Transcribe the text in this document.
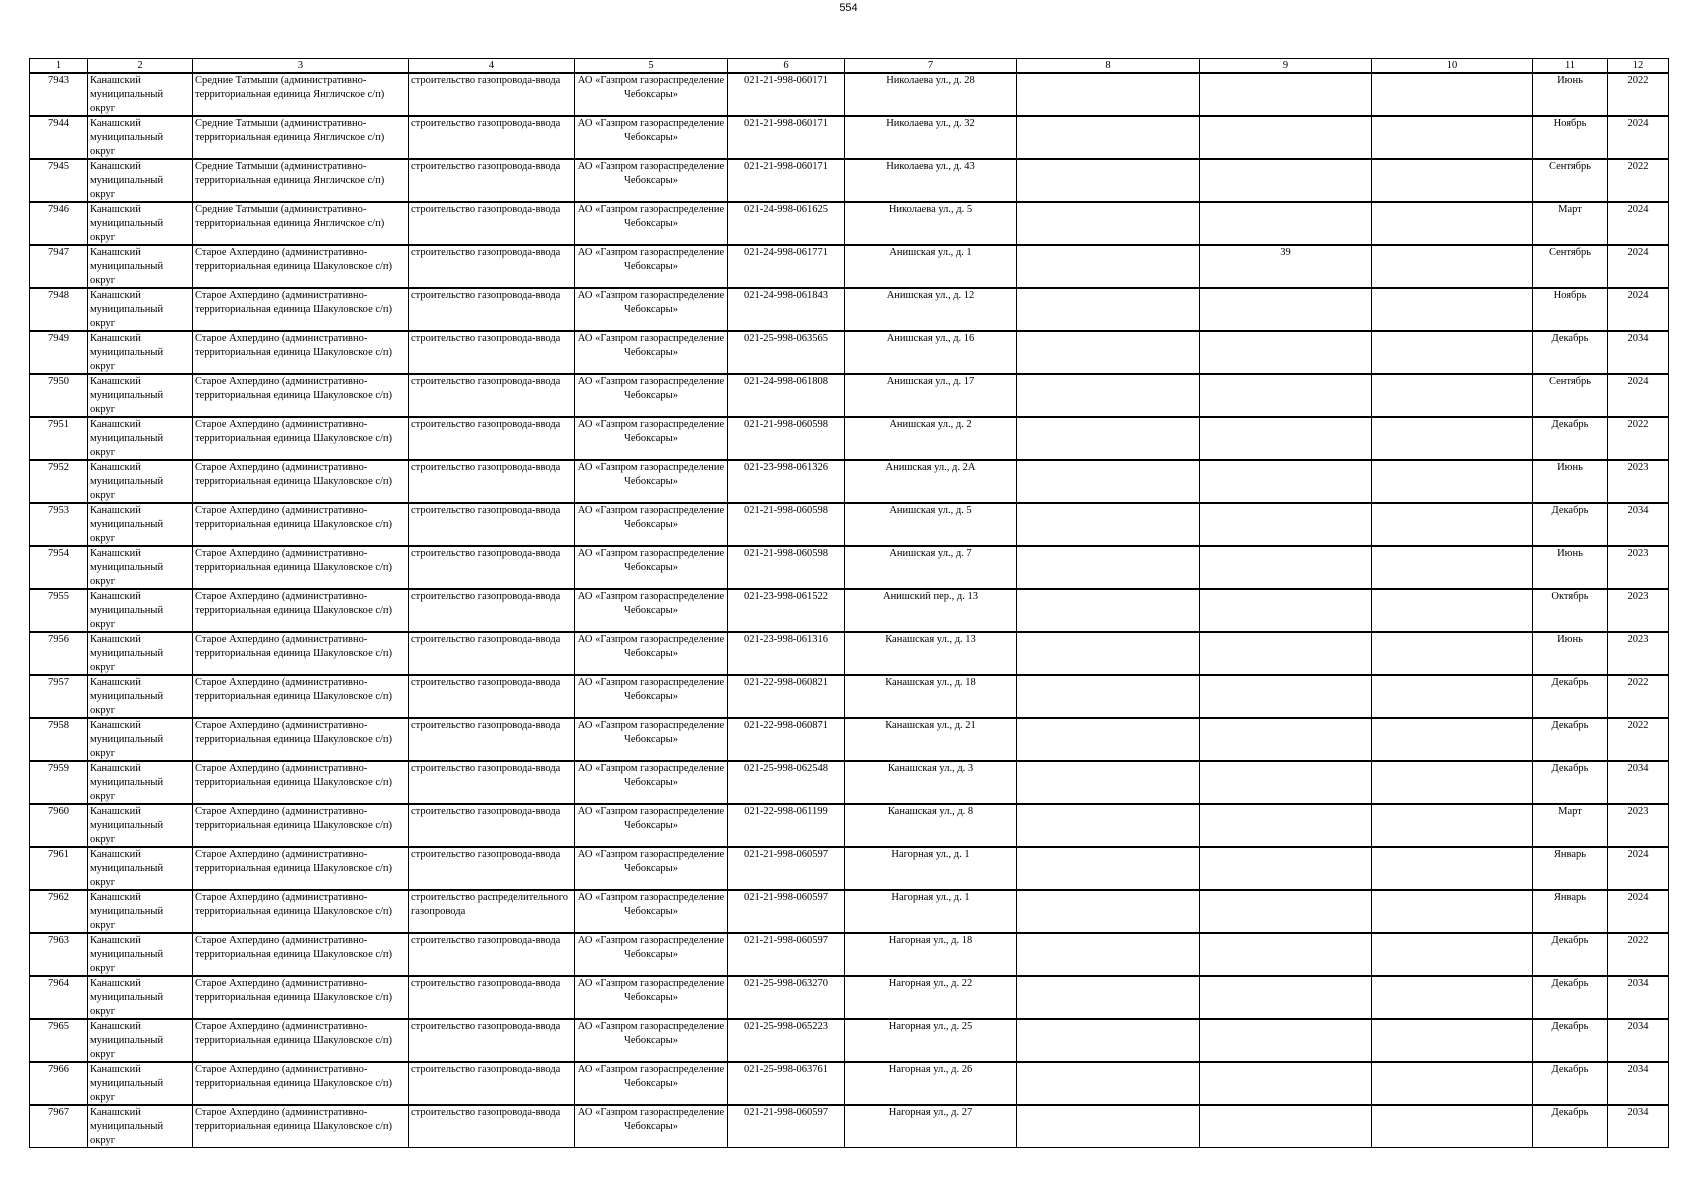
554
1	2	3	4	5	6	7	8	9	10	11	12

7943	Канашский муниципальный округ	Средние Татмыши (административно-территориальная единица Янгличское с/п)	строительство газопровода-ввода	АО «Газпром газораспределение Чебоксары»	021-21-998-060171	Николаева ул., д. 28				Июнь	2022

7944	Канашский муниципальный округ	Средние Татмыши (административно-территориальная единица Янгличское с/п)	строительство газопровода-ввода	АО «Газпром газораспределение Чебоксары»	021-21-998-060171	Николаева ул., д. 32				Ноябрь	2024

7945	Канашский муниципальный округ	Средние Татмыши (административно-территориальная единица Янгличское с/п)	строительство газопровода-ввода	АО «Газпром газораспределение Чебоксары»	021-21-998-060171	Николаева ул., д. 43				Сентябрь	2022

7946	Канашский муниципальный округ	Средние Татмыши (административно-территориальная единица Янгличское с/п)	строительство газопровода-ввода	АО «Газпром газораспределение Чебоксары»	021-24-998-061625	Николаева ул., д. 5				Март	2024

7947	Канашский муниципальный округ	Старое Ахпердино (административно-территориальная единица Шакуловское с/п)	строительство газопровода-ввода	АО «Газпром газораспределение Чебоксары»	021-24-998-061771	Анишская ул., д. 1		39		Сентябрь	2024

7948	Канашский муниципальный округ	Старое Ахпердино (административно-территориальная единица Шакуловское с/п)	строительство газопровода-ввода	АО «Газпром газораспределение Чебоксары»	021-24-998-061843	Анишская ул., д. 12				Ноябрь	2024

7949	Канашский муниципальный округ	Старое Ахпердино (административно-территориальная единица Шакуловское с/п)	строительство газопровода-ввода	АО «Газпром газораспределение Чебоксары»	021-25-998-063565	Анишская ул., д. 16				Декабрь	2034

7950	Канашский муниципальный округ	Старое Ахпердино (административно-территориальная единица Шакуловское с/п)	строительство газопровода-ввода	АО «Газпром газораспределение Чебоксары»	021-24-998-061808	Анишская ул., д. 17				Сентябрь	2024

7951	Канашский муниципальный округ	Старое Ахпердино (административно-территориальная единица Шакуловское с/п)	строительство газопровода-ввода	АО «Газпром газораспределение Чебоксары»	021-21-998-060598	Анишская ул., д. 2				Декабрь	2022

7952	Канашский муниципальный округ	Старое Ахпердино (административно-территориальная единица Шакуловское с/п)	строительство газопровода-ввода	АО «Газпром газораспределение Чебоксары»	021-23-998-061326	Анишская ул., д. 2А				Июнь	2023

7953	Канашский муниципальный округ	Старое Ахпердино (административно-территориальная единица Шакуловское с/п)	строительство газопровода-ввода	АО «Газпром газораспределение Чебоксары»	021-21-998-060598	Анишская ул., д. 5				Декабрь	2034

7954	Канашский муниципальный округ	Старое Ахпердино (административно-территориальная единица Шакуловское с/п)	строительство газопровода-ввода	АО «Газпром газораспределение Чебоксары»	021-21-998-060598	Анишская ул., д. 7				Июнь	2023

7955	Канашский муниципальный округ	Старое Ахпердино (административно-территориальная единица Шакуловское с/п)	строительство газопровода-ввода	АО «Газпром газораспределение Чебоксары»	021-23-998-061522	Анишский пер., д. 13				Октябрь	2023

7956	Канашский муниципальный округ	Старое Ахпердино (административно-территориальная единица Шакуловское с/п)	строительство газопровода-ввода	АО «Газпром газораспределение Чебоксары»	021-23-998-061316	Канашская ул., д. 13				Июнь	2023

7957	Канашский муниципальный округ	Старое Ахпердино (административно-территориальная единица Шакуловское с/п)	строительство газопровода-ввода	АО «Газпром газораспределение Чебоксары»	021-22-998-060821	Канашская ул., д. 18				Декабрь	2022

7958	Канашский муниципальный округ	Старое Ахпердино (административно-территориальная единица Шакуловское с/п)	строительство газопровода-ввода	АО «Газпром газораспределение Чебоксары»	021-22-998-060871	Канашская ул., д. 21				Декабрь	2022

7959	Канашский муниципальный округ	Старое Ахпердино (административно-территориальная единица Шакуловское с/п)	строительство газопровода-ввода	АО «Газпром газораспределение Чебоксары»	021-25-998-062548	Канашская ул., д. 3				Декабрь	2034

7960	Канашский муниципальный округ	Старое Ахпердино (административно-территориальная единица Шакуловское с/п)	строительство газопровода-ввода	АО «Газпром газораспределение Чебоксары»	021-22-998-061199	Канашская ул., д. 8				Март	2023

7961	Канашский муниципальный округ	Старое Ахпердино (административно-территориальная единица Шакуловское с/п)	строительство газопровода-ввода	АО «Газпром газораспределение Чебоксары»	021-21-998-060597	Нагорная ул., д. 1				Январь	2024

7962	Канашский муниципальный округ	Старое Ахпердино (административно-территориальная единица Шакуловское с/п)	строительство распределительного газопровода	АО «Газпром газораспределение Чебоксары»	021-21-998-060597	Нагорная ул., д. 1				Январь	2024

7963	Канашский муниципальный округ	Старое Ахпердино (административно-территориальная единица Шакуловское с/п)	строительство газопровода-ввода	АО «Газпром газораспределение Чебоксары»	021-21-998-060597	Нагорная ул., д. 18				Декабрь	2022

7964	Канашский муниципальный округ	Старое Ахпердино (административно-территориальная единица Шакуловское с/п)	строительство газопровода-ввода	АО «Газпром газораспределение Чебоксары»	021-25-998-063270	Нагорная ул., д. 22				Декабрь	2034

7965	Канашский муниципальный округ	Старое Ахпердино (административно-территориальная единица Шакуловское с/п)	строительство газопровода-ввода	АО «Газпром газораспределение Чебоксары»	021-25-998-065223	Нагорная ул., д. 25				Декабрь	2034

7966	Канашский муниципальный округ	Старое Ахпердино (административно-территориальная единица Шакуловское с/п)	строительство газопровода-ввода	АО «Газпром газораспределение Чебоксары»	021-25-998-063761	Нагорная ул., д. 26				Декабрь	2034

7967	Канашский муниципальный округ	Старое Ахпердино (административно-территориальная единица Шакуловское с/п)	строительство газопровода-ввода	АО «Газпром газораспределение Чебоксары»	021-21-998-060597	Нагорная ул., д. 27				Декабрь	2034
